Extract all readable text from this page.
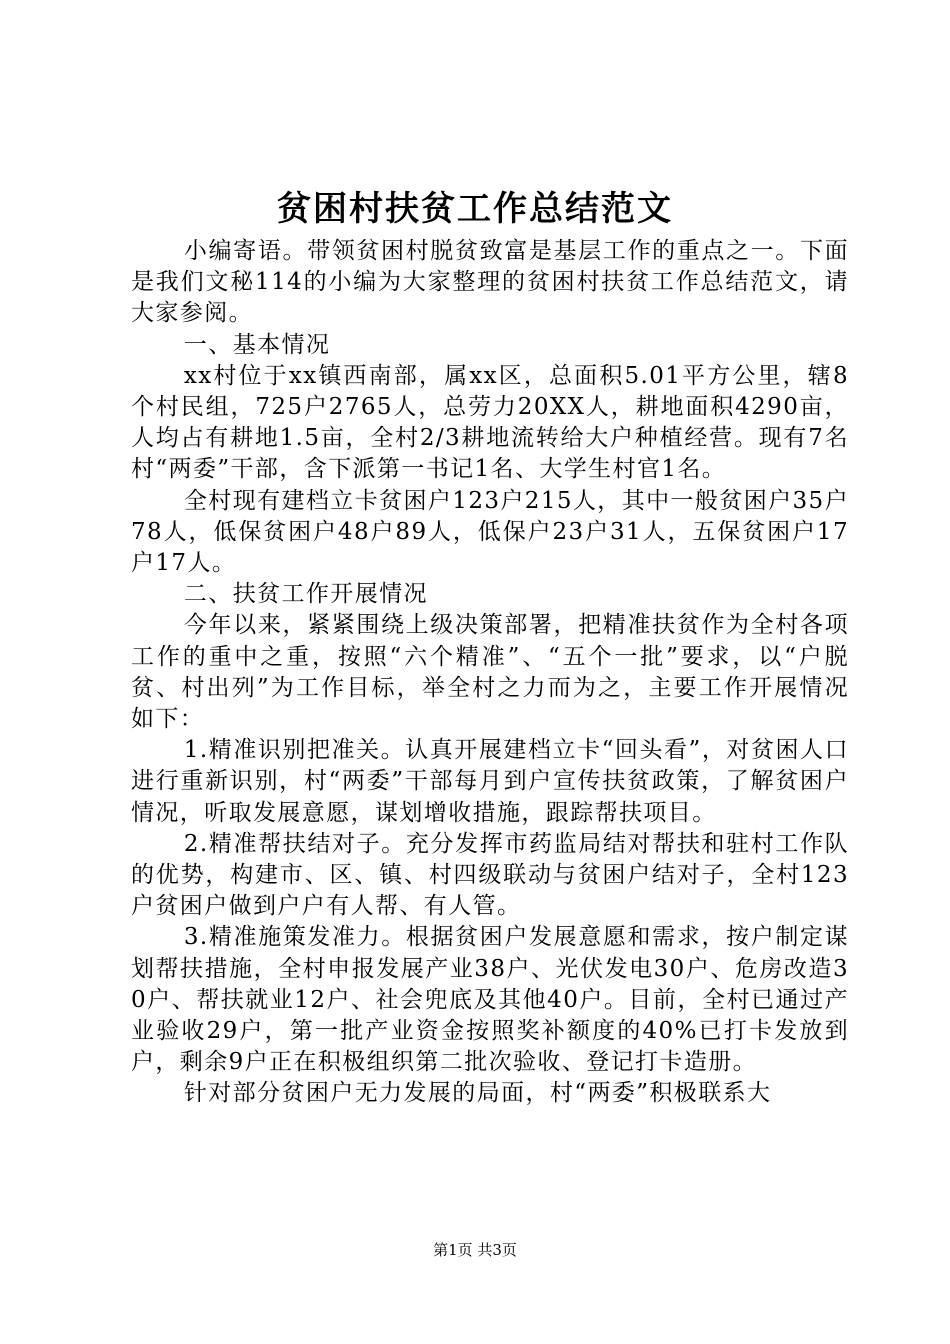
贫困村扶贫工作总结范文

小编寄语。带领贫困村脱贫致富是基层工作的重点之一。下面是我们文秘114的小编为大家整理的贫困村扶贫工作总结范文，请大家参阅。

一、基本情况

xx村位于xx镇西南部，属xx区，总面积5.01平方公里，辖8个村民组，725户2765人，总劳力20XX人，耕地面积4290亩，人均占有耕地1.5亩，全村2/3耕地流转给大户种植经营。现有7名村“两委”干部，含下派第一书记1名、大学生村官1名。

全村现有建档立卡贫困户123户215人，其中一般贫困户35户78人，低保贫困户48户89人，低保户23户31人，五保贫困户17户17人。

二、扶贫工作开展情况

今年以来，紧紧围绕上级决策部署，把精准扶贫作为全村各项工作的重中之重，按照“六个精准”、“五个一批”要求，以“户脱贫、村出列”为工作目标，举全村之力而为之，主要工作开展情况如下：

1.精准识别把准关。认真开展建档立卡“回头看”，对贫困人口进行重新识别，村“两委”干部每月到户宣传扶贫政策，了解贫困户情况，听取发展意愿，谋划增收措施，跟踪帮扶项目。

2.精准帮扶结对子。充分发挥市药监局结对帮扶和驻村工作队的优势，构建市、区、镇、村四级联动与贫困户结对子，全村123户贫困户做到户户有人帮、有人管。

3.精准施策发准力。根据贫困户发展意愿和需求，按户制定谋划帮扶措施，全村申报发展产业38户、光伏发电30户、危房改造30户、帮扶就业12户、社会兜底及其他40户。目前，全村已通过产业验收29户，第一批产业资金按照奖补额度的40%已打卡发放到户，剩余9户正在积极组织第二批次验收、登记打卡造册。

针对部分贫困户无力发展的局面，村“两委”积极联系大

第1页 共3页
